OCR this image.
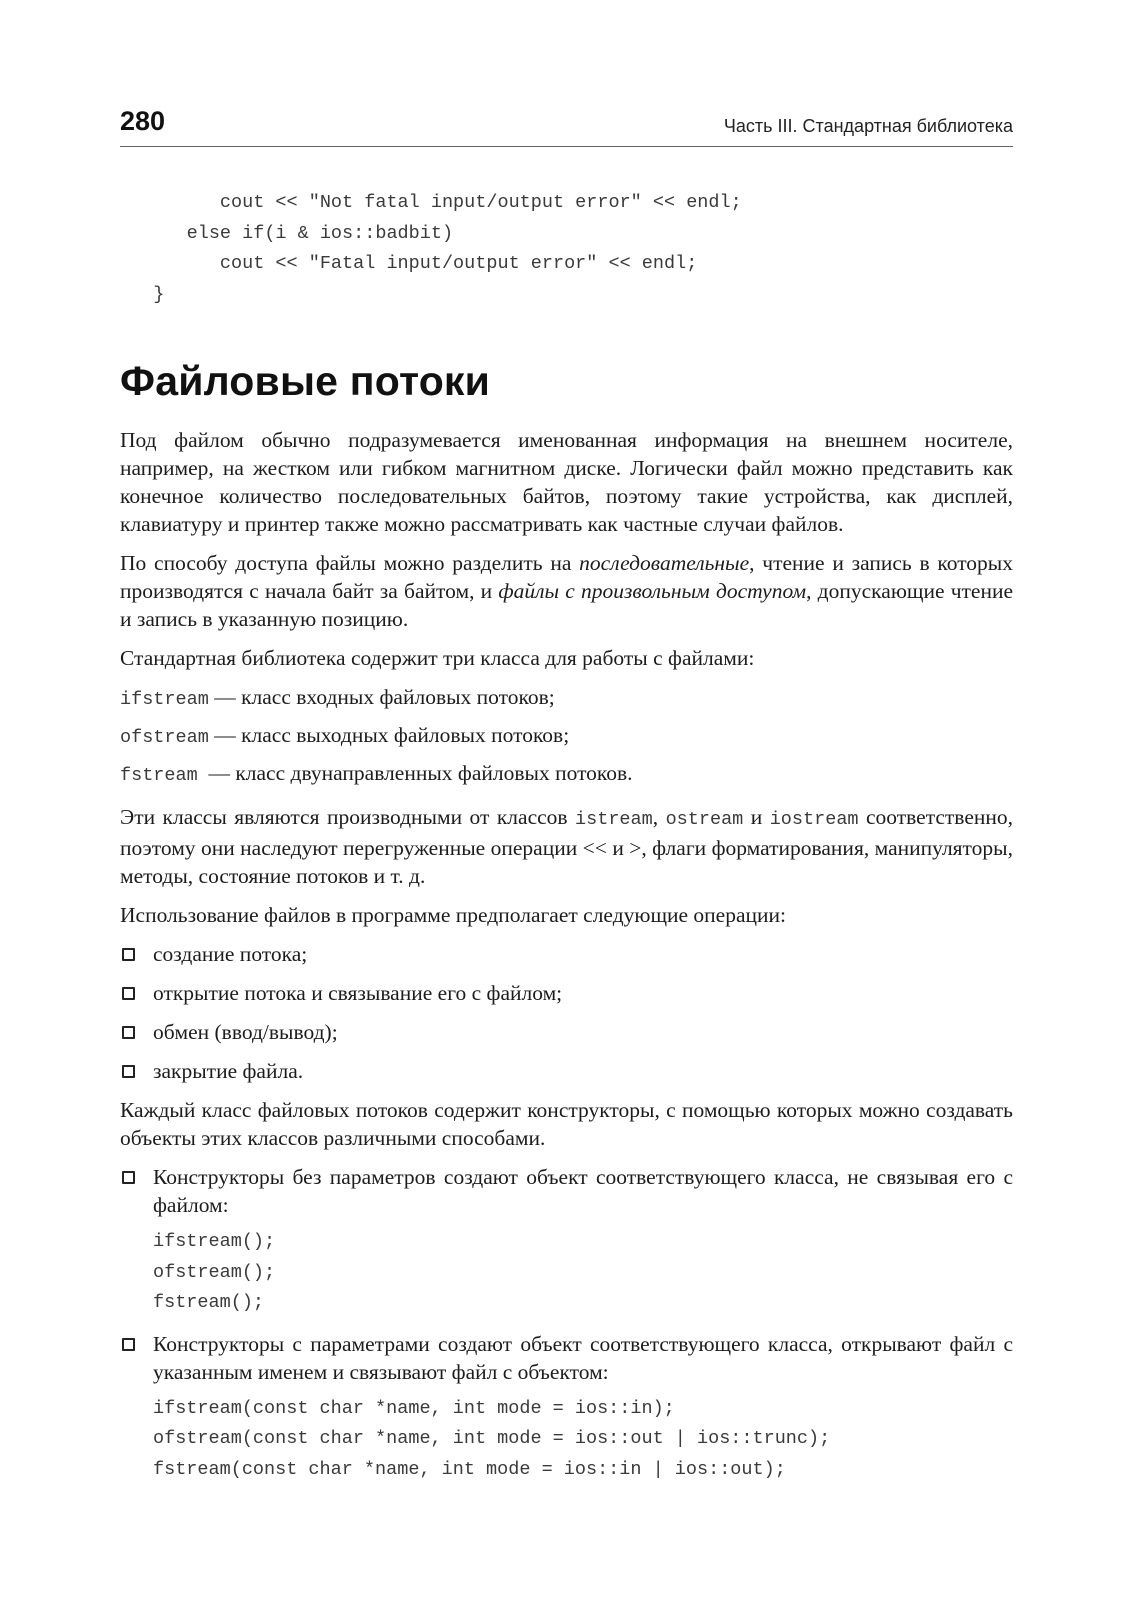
280	Часть III. Стандартная библиотека
cout << "Not fatal input/output error" << endl;
else if(i & ios::badbit)
cout << "Fatal input/output error" << endl;
}
Файловые потоки

Под файлом обычно подразумевается именованная информация на внешнем носителе, например, на жестком или гибком магнитном диске. Логически файл можно представить как конечное количество последовательных байтов, поэтому такие устройства, как дисплей, клавиатуру и принтер также можно рассматривать как частные случаи файлов.

По способу доступа файлы можно разделить на последовательные, чтение и запись в которых производятся с начала байт за байтом, и файлы с произвольным доступом, допускающие чтение и запись в указанную позицию.

Стандартная библиотека содержит три класса для работы с файлами:

ifstream — класс входных файловых потоков;
ofstream — класс выходных файловых потоков;
fstream  — класс двунаправленных файловых потоков.

Эти классы являются производными от классов istream, ostream и iostream соответственно, поэтому они наследуют перегруженные операции << и >, флаги форматирования, манипуляторы, методы, состояние потоков и т. д.

Использование файлов в программе предполагает следующие операции:

создание потока;
открытие потока и связывание его с файлом;
обмен (ввод/вывод);
закрытие файла.

Каждый класс файловых потоков содержит конструкторы, с помощью которых можно создавать объекты этих классов различными способами.

Конструкторы без параметров создают объект соответствующего класса, не связывая его с файлом:
ifstream();
ofstream();
fstream();
Конструкторы с параметрами создают объект соответствующего класса, открывают файл с указанным именем и связывают файл с объектом:
ifstream(const char *name, int mode = ios::in);
ofstream(const char *name, int mode = ios::out | ios::trunc);
fstream(const char *name, int mode = ios::in | ios::out);
